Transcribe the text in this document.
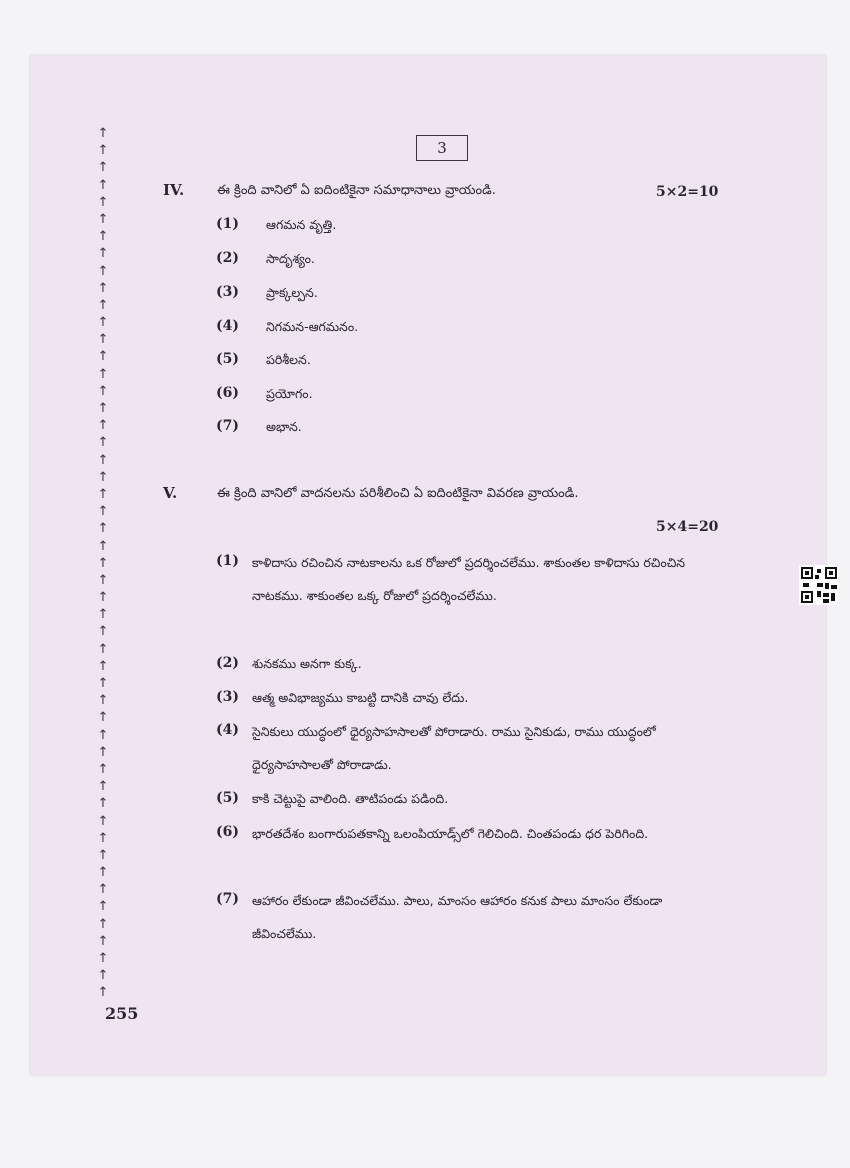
↑
↑
↑
↑
↑
↑
↑
↑
↑
↑
↑
↑
↑
↑
↑
↑
↑
↑
↑
↑
↑
↑
↑
↑
↑
↑
↑
↑
↑
↑
↑
↑
↑
↑
↑
↑
↑
↑
↑
↑
↑
↑
↑
↑
↑
↑
↑
↑
↑
↑
↑
3
IV.	ఈ క్రింది వానిలో ఏ ఐదింటికైనా సమాధానాలు వ్రాయండి.	5×2=10
(1) ఆగమన వృత్తి.
(2) సాదృశ్యం.
(3) ప్రాక్కల్పన.
(4) నిగమన-ఆగమనం.
(5) పరిశీలన.
(6) ప్రయోగం.
(7) అభాన.
V.	ఈ క్రింది వానిలో వాదనలను పరిశీలించి ఏ ఐదింటికైనా వివరణ వ్రాయండి.
5×4=20
(1) కాళిదాసు రచించిన నాటకాలను ఒక రోజులో ప్రదర్శించలేము. శాకుంతల కాళిదాసు రచించిన నాటకము. శాకుంతల ఒక్క రోజులో ప్రదర్శించలేము.
(2) శునకము అనగా కుక్క.
(3) ఆత్మ అవిభాజ్యము కాబట్టి దానికి చావు లేదు.
(4) సైనికులు యుద్ధంలో ధైర్యసాహసాలతో పోరాడారు. రాము సైనికుడు, రాము యుద్ధంలో ధైర్యసాహసాలతో పోరాడాడు.
(5) కాకి చెట్టుపై వాలింది. తాటిపండు పడింది.
(6) భారతదేశం బంగారుపతకాన్ని ఒలంపియాడ్స్‌లో గెలిచింది. చింతపండు ధర పెరిగింది.
(7) ఆహారం లేకుండా జీవించలేము. పాలు, మాంసం ఆహారం కనుక పాలు మాంసం లేకుండా జీవించలేము.
255
